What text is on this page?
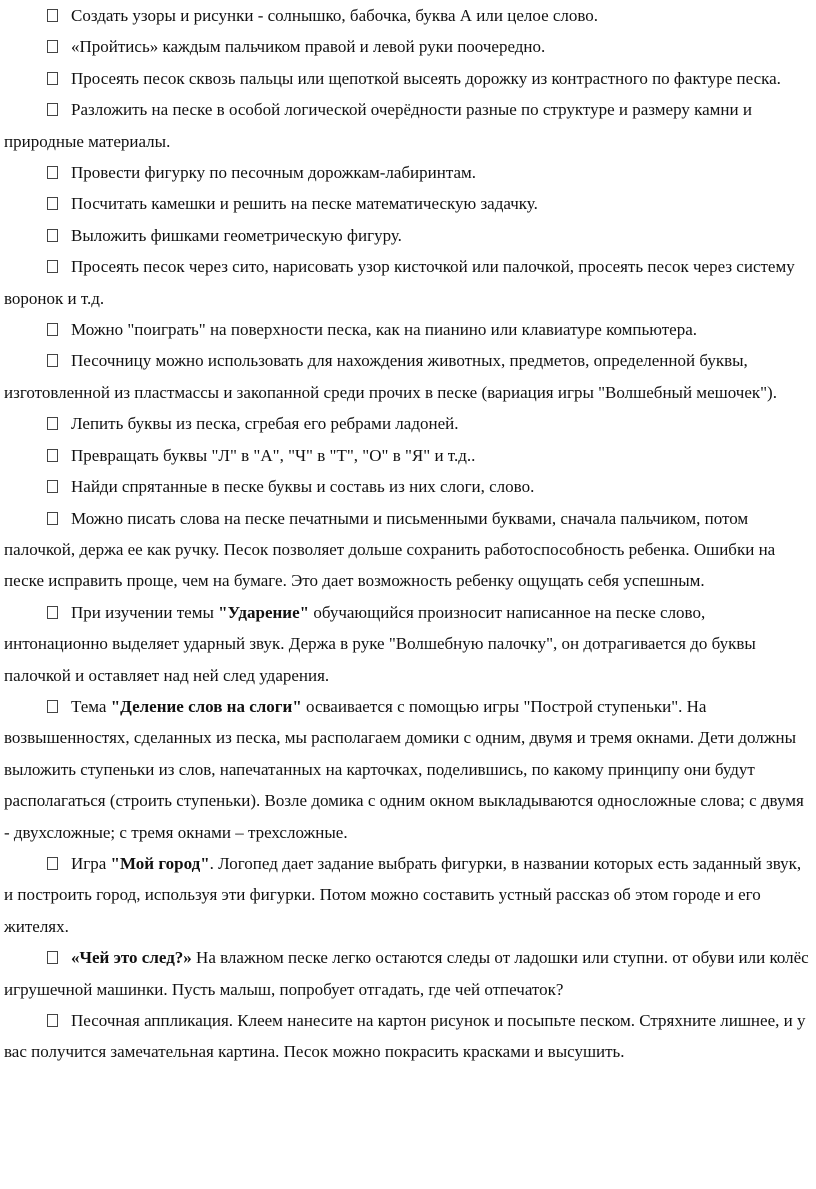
Создать узоры и рисунки - солнышко, бабочка, буква А или целое слово.

«Пройтись» каждым пальчиком правой и левой руки поочередно.

Просеять песок сквозь пальцы или щепоткой высеять дорожку из контрастного по фактуре песка.

Разложить на песке в особой логической очерёдности разные по структуре и размеру камни и природные материалы.

Провести фигурку по песочным дорожкам-лабиринтам.

Посчитать камешки и решить на песке математическую задачку.

Выложить фишками геометрическую фигуру.

Просеять песок через сито, нарисовать узор кисточкой или палочкой, просеять песок через систему воронок и т.д.

Можно "поиграть" на поверхности песка, как на пианино или клавиатуре компьютера.

Песочницу можно использовать для нахождения животных, предметов, определенной буквы, изготовленной из пластмассы и закопанной среди прочих в песке (вариация игры "Волшебный мешочек").

Лепить буквы из песка, сгребая его ребрами ладоней.

Превращать буквы "Л" в "А", "Ч" в "Т", "О" в "Я" и т.д..

Найди спрятанные в песке буквы и составь из них слоги, слово.

Можно писать слова на песке печатными и письменными буквами, сначала пальчиком, потом палочкой, держа ее как ручку. Песок позволяет дольше сохранить работоспособность ребенка. Ошибки на песке исправить проще, чем на бумаге. Это дает возможность ребенку ощущать себя успешным.

При изучении темы "Ударение" обучающийся произносит написанное на песке слово, интонационно выделяет ударный звук. Держа в руке "Волшебную палочку", он дотрагивается до буквы палочкой и оставляет над ней след ударения.

Тема "Деление слов на слоги" осваивается с помощью игры "Построй ступеньки". На возвышенностях, сделанных из песка, мы располагаем домики с одним, двумя и тремя окнами. Дети должны выложить ступеньки из слов, напечатанных на карточках, поделившись, по какому принципу они будут располагаться (строить ступеньки). Возле домика с одним окном выкладываются односложные слова; с двумя - двухсложные; с тремя окнами – трехсложные.

Игра "Мой город". Логопед дает задание выбрать фигурки, в названии которых есть заданный звук, и построить город, используя эти фигурки. Потом можно составить устный рассказ об этом городе и его жителях.

«Чей это след?» На влажном песке легко остаются следы от ладошки или ступни. от обуви или колёс игрушечной машинки. Пусть малыш, попробует отгадать, где чей отпечаток?

Песочная аппликация. Клеем нанесите на картон рисунок и посыпьте песком. Стряхните лишнее, и у вас получится замечательная картина. Песок можно покрасить красками и высушить.
